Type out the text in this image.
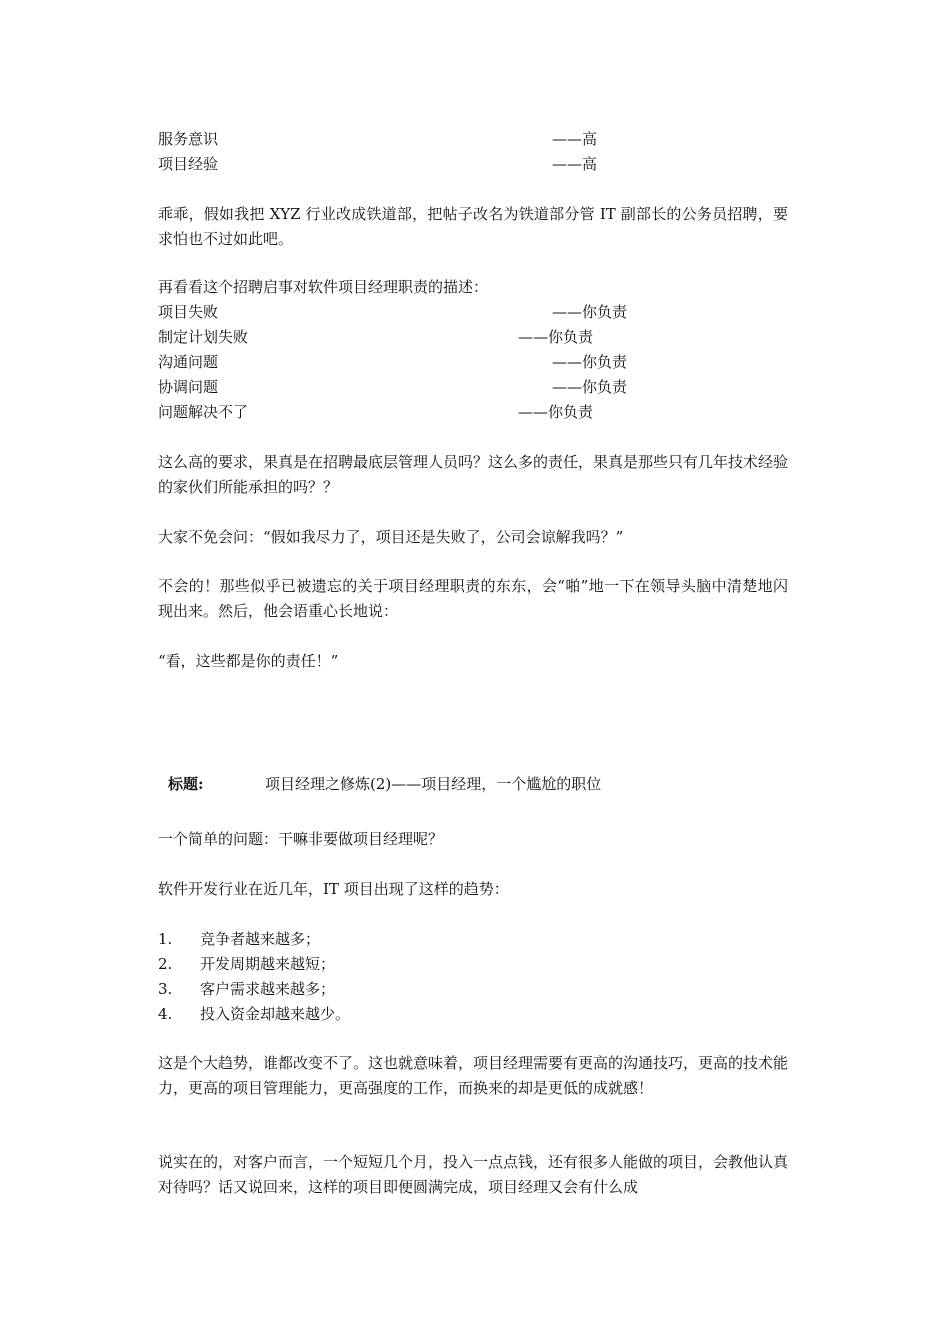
服务意识	——高
项目经验	——高
乖乖，假如我把 XYZ 行业改成铁道部，把帖子改名为铁道部分管 IT 副部长的公务员招聘，要求怕也不过如此吧。
再看看这个招聘启事对软件项目经理职责的描述：
项目失败	——你负责
制定计划失败	——你负责
沟通问题	——你负责
协调问题	——你负责
问题解决不了	——你负责
这么高的要求，果真是在招聘最底层管理人员吗？这么多的责任，果真是那些只有几年技术经验的家伙们所能承担的吗？？
大家不免会问：“假如我尽力了，项目还是失败了，公司会谅解我吗？”
不会的！那些似乎已被遗忘的关于项目经理职责的东东，会“啪”地一下在领导头脑中清楚地闪现出来。然后，他会语重心长地说：
“看，这些都是你的责任！”
标题:	项目经理之修炼(2)——项目经理，一个尴尬的职位
一个简单的问题：干嘛非要做项目经理呢？
软件开发行业在近几年，IT 项目出现了这样的趋势：
1. 竞争者越来越多；
2. 开发周期越来越短；
3. 客户需求越来越多；
4. 投入资金却越来越少。
这是个大趋势，谁都改变不了。这也就意味着，项目经理需要有更高的沟通技巧，更高的技术能力，更高的项目管理能力，更高强度的工作，而换来的却是更低的成就感！
说实在的，对客户而言，一个短短几个月，投入一点点钱，还有很多人能做的项目，会教他认真对待吗？话又说回来，这样的项目即便圆满完成，项目经理又会有什么成
